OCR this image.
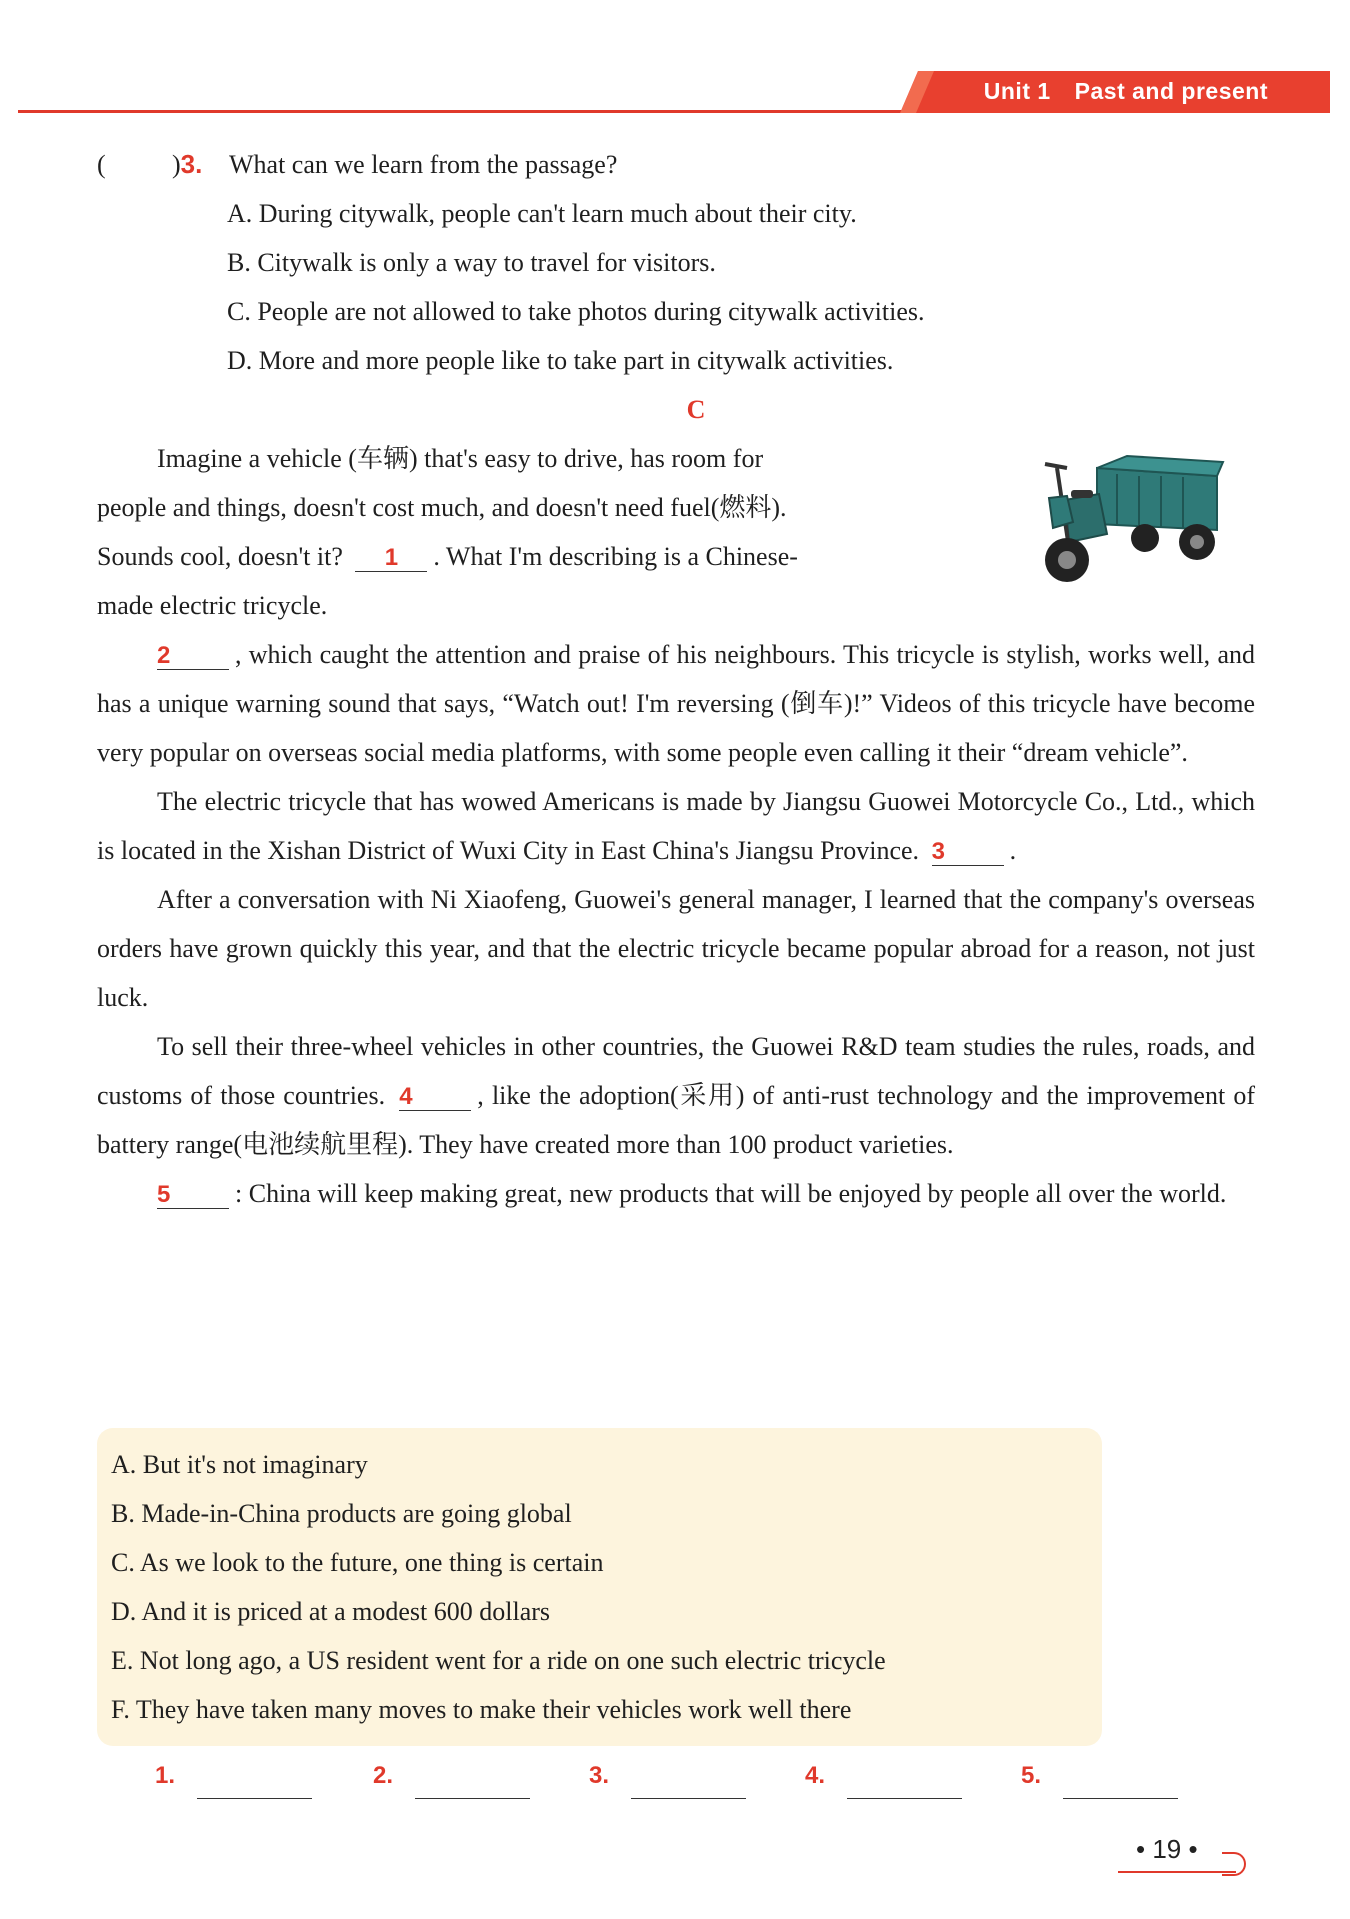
Unit 1 Past and present
(	)3. What can we learn from the passage?
A. During citywalk, people can't learn much about their city.
B. Citywalk is only a way to travel for visitors.
C. People are not allowed to take photos during citywalk activities.
D. More and more people like to take part in citywalk activities.
C
Imagine a vehicle (车辆) that's easy to drive, has room for
people and things, doesn't cost much, and doesn't need fuel(燃料).
Sounds cool, doesn't it? 1 . What I'm describing is a Chinese-
made electric tricycle.

2 , which caught the attention and praise of his neighbours. This tricycle is stylish, works well, and has a unique warning sound that says, “Watch out! I'm reversing (倒车)!” Videos of this tricycle have become very popular on overseas social media platforms, with some people even calling it their “dream vehicle”.

The electric tricycle that has wowed Americans is made by Jiangsu Guowei Motorcycle Co., Ltd., which is located in the Xishan District of Wuxi City in East China's Jiangsu Province. 3 .

After a conversation with Ni Xiaofeng, Guowei's general manager, I learned that the company's overseas orders have grown quickly this year, and that the electric tricycle became popular abroad for a reason, not just luck.

To sell their three-wheel vehicles in other countries, the Guowei R&D team studies the rules, roads, and customs of those countries. 4 , like the adoption(采用) of anti-rust technology and the improvement of battery range(电池续航里程). They have created more than 100 product varieties.

5 : China will keep making great, new products that will be enjoyed by people all over the world.

A. But it's not imaginary
B. Made-in-China products are going global
C. As we look to the future, one thing is certain
D. And it is priced at a modest 600 dollars
E. Not long ago, a US resident went for a ride on one such electric tricycle
F. They have taken many moves to make their vehicles work well there
1.	2.	3.	4.	5.
• 19 •
